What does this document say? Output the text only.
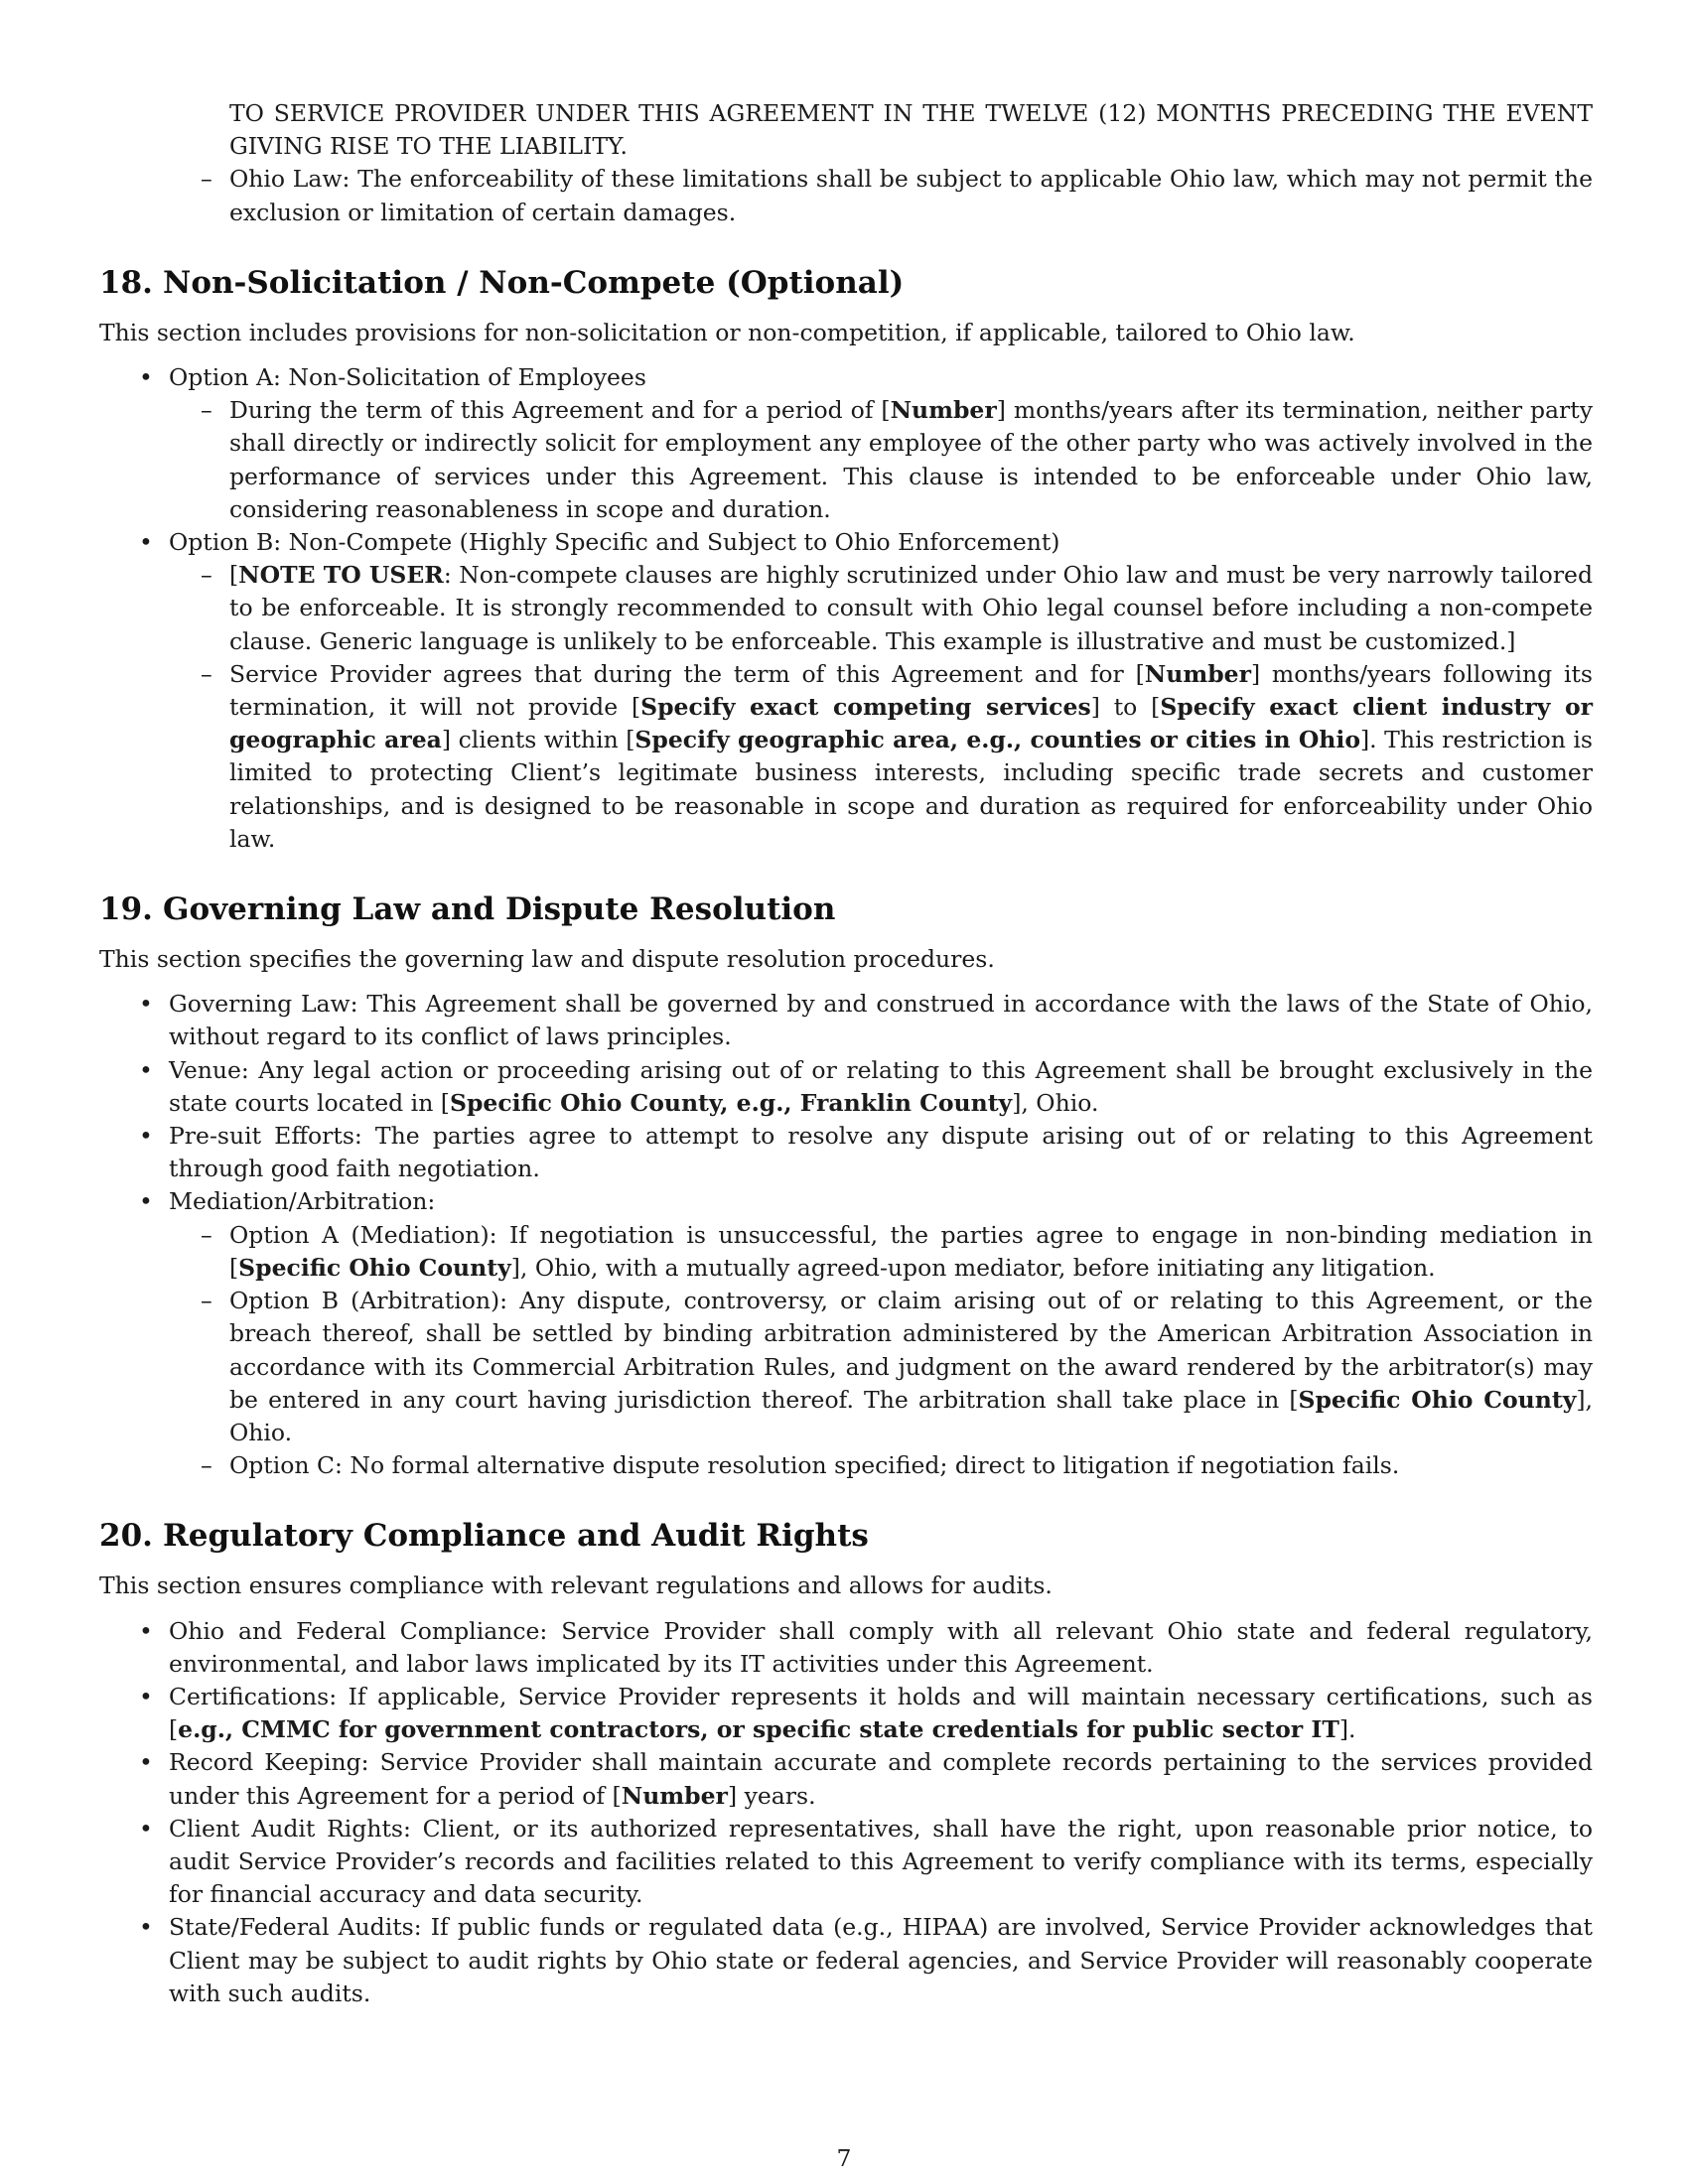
TO SERVICE PROVIDER UNDER THIS AGREEMENT IN THE TWELVE (12) MONTHS PRECEDING THE EVENT GIVING RISE TO THE LIABILITY.
– Ohio Law: The enforceability of these limitations shall be subject to applicable Ohio law, which may not permit the exclusion or limitation of certain damages.
18. Non-Solicitation / Non-Compete (Optional)

This section includes provisions for non-solicitation or non-competition, if applicable, tailored to Ohio law.

• Option A: Non-Solicitation of Employees
– During the term of this Agreement and for a period of [Number] months/years after its termination, neither party shall directly or indirectly solicit for employment any employee of the other party who was actively involved in the performance of services under this Agreement. This clause is intended to be enforceable under Ohio law, considering reasonableness in scope and duration.
• Option B: Non-Compete (Highly Specific and Subject to Ohio Enforcement)
– [NOTE TO USER: Non-compete clauses are highly scrutinized under Ohio law and must be very narrowly tailored to be enforceable. It is strongly recommended to consult with Ohio legal counsel before including a non-compete clause. Generic language is unlikely to be enforceable. This example is illustrative and must be customized.]
– Service Provider agrees that during the term of this Agreement and for [Number] months/years following its termination, it will not provide [Specify exact competing services] to [Specify exact client industry or geographic area] clients within [Specify geographic area, e.g., counties or cities in Ohio]. This restriction is limited to protecting Client’s legitimate business interests, including specific trade secrets and customer relationships, and is designed to be reasonable in scope and duration as required for enforceability under Ohio law.
19. Governing Law and Dispute Resolution

This section specifies the governing law and dispute resolution procedures.

• Governing Law: This Agreement shall be governed by and construed in accordance with the laws of the State of Ohio, without regard to its conflict of laws principles.
• Venue: Any legal action or proceeding arising out of or relating to this Agreement shall be brought exclusively in the state courts located in [Specific Ohio County, e.g., Franklin County], Ohio.
• Pre-suit Efforts: The parties agree to attempt to resolve any dispute arising out of or relating to this Agreement through good faith negotiation.
• Mediation/Arbitration:
– Option A (Mediation): If negotiation is unsuccessful, the parties agree to engage in non-binding mediation in [Specific Ohio County], Ohio, with a mutually agreed-upon mediator, before initiating any litigation.
– Option B (Arbitration): Any dispute, controversy, or claim arising out of or relating to this Agreement, or the breach thereof, shall be settled by binding arbitration administered by the American Arbitration Association in accordance with its Commercial Arbitration Rules, and judgment on the award rendered by the arbitrator(s) may be entered in any court having jurisdiction thereof. The arbitration shall take place in [Specific Ohio County], Ohio.
– Option C: No formal alternative dispute resolution specified; direct to litigation if negotiation fails.
20. Regulatory Compliance and Audit Rights

This section ensures compliance with relevant regulations and allows for audits.

• Ohio and Federal Compliance: Service Provider shall comply with all relevant Ohio state and federal regulatory, environmental, and labor laws implicated by its IT activities under this Agreement.
• Certifications: If applicable, Service Provider represents it holds and will maintain necessary certifications, such as [e.g., CMMC for government contractors, or specific state credentials for public sector IT].
• Record Keeping: Service Provider shall maintain accurate and complete records pertaining to the services provided under this Agreement for a period of [Number] years.
• Client Audit Rights: Client, or its authorized representatives, shall have the right, upon reasonable prior notice, to audit Service Provider’s records and facilities related to this Agreement to verify compliance with its terms, especially for financial accuracy and data security.
• State/Federal Audits: If public funds or regulated data (e.g., HIPAA) are involved, Service Provider acknowledges that Client may be subject to audit rights by Ohio state or federal agencies, and Service Provider will reasonably cooperate with such audits.
7
